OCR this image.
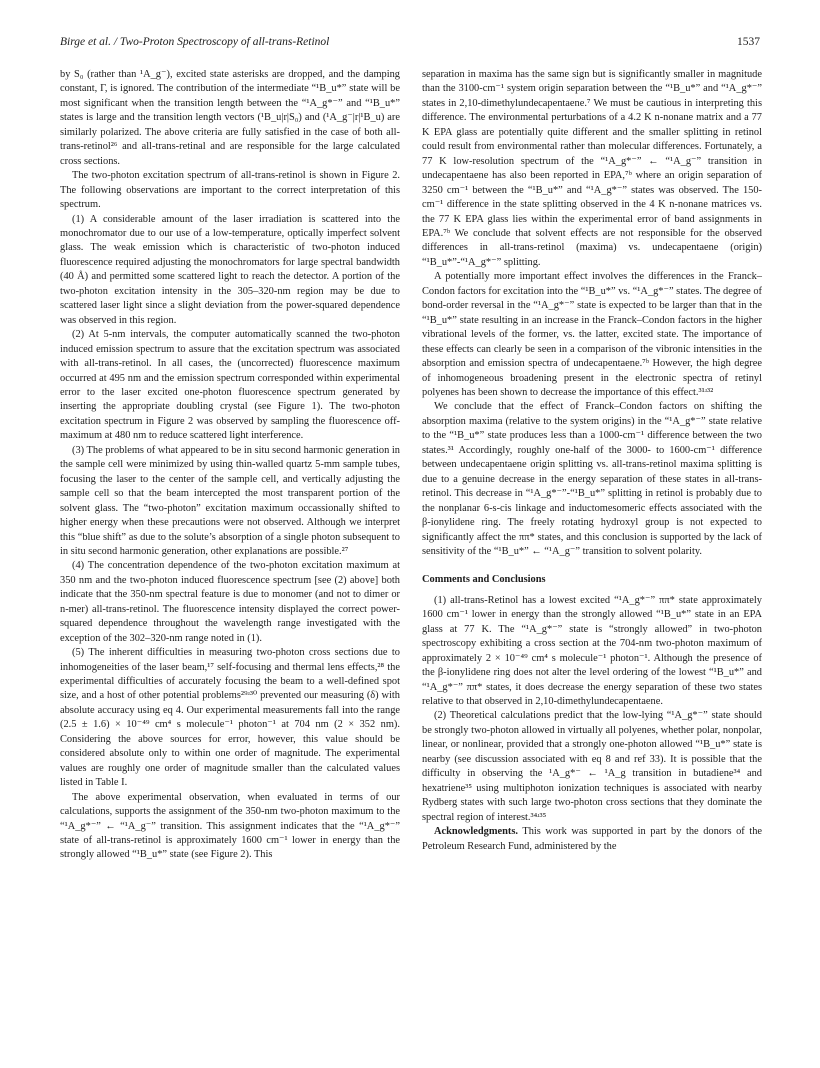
Birge et al. / Two-Proton Spectroscopy of all-trans-Retinol	1537

by S₀ (rather than ¹A_g⁻), excited state asterisks are dropped, and the damping constant, Γ, is ignored. The contribution of the intermediate “¹B_u*” state will be most significant when the transition length between the “¹A_g*⁻” and “¹B_u*” states is large and the transition length vectors (¹B_u|r|S₀) and (¹A_g⁻|r|¹B_u) are similarly polarized. The above criteria are fully satisfied in the case of both all-trans-retinol²⁶ and all-trans-retinal and are responsible for the large calculated cross sections.

The two-photon excitation spectrum of all-trans-retinol is shown in Figure 2. The following observations are important to the correct interpretation of this spectrum.

(1) A considerable amount of the laser irradiation is scattered into the monochromator due to our use of a low-temperature, optically imperfect solvent glass. The weak emission which is characteristic of two-photon induced fluorescence required adjusting the monochromators for large spectral bandwidth (40 Å) and permitted some scattered light to reach the detector. A portion of the two-photon excitation intensity in the 305–320-nm region may be due to scattered laser light since a slight deviation from the power-squared dependence was observed in this region.

(2) At 5-nm intervals, the computer automatically scanned the two-photon induced emission spectrum to assure that the excitation spectrum was associated with all-trans-retinol. In all cases, the (uncorrected) fluorescence maximum occurred at 495 nm and the emission spectrum corresponded within experimental error to the laser excited one-photon fluorescence spectrum generated by inserting the appropriate doubling crystal (see Figure 1). The two-photon excitation spectrum in Figure 2 was observed by sampling the fluorescence off-maximum at 480 nm to reduce scattered light interference.

(3) The problems of what appeared to be in situ second harmonic generation in the sample cell were minimized by using thin-walled quartz 5-mm sample tubes, focusing the laser to the center of the sample cell, and vertically adjusting the sample cell so that the beam intercepted the most transparent portion of the solvent glass. The “two-photon” excitation maximum occassionally shifted to higher energy when these precautions were not observed. Although we interpret this “blue shift” as due to the solute’s absorption of a single photon subsequent to in situ second harmonic generation, other explanations are possible.²⁷

(4) The concentration dependence of the two-photon excitation maximum at 350 nm and the two-photon induced fluorescence spectrum [see (2) above] both indicate that the 350-nm spectral feature is due to monomer (and not to dimer or n-mer) all-trans-retinol. The fluorescence intensity displayed the correct power-squared dependence throughout the wavelength range investigated with the exception of the 302–320-nm range noted in (1).

(5) The inherent difficulties in measuring two-photon cross sections due to inhomogeneities of the laser beam,¹⁷ self-focusing and thermal lens effects,²⁸ the experimental difficulties of accurately focusing the beam to a well-defined spot size, and a host of other potential problems²⁹ʴ³⁰ prevented our measuring (δ) with absolute accuracy using eq 4. Our experimental measurements fall into the range (2.5 ± 1.6) × 10⁻⁴⁹ cm⁴ s molecule⁻¹ photon⁻¹ at 704 nm (2 × 352 nm). Considering the above sources for error, however, this value should be considered absolute only to within one order of magnitude. The experimental values are roughly one order of magnitude smaller than the calculated values listed in Table I.

The above experimental observation, when evaluated in terms of our calculations, supports the assignment of the 350-nm two-photon maximum to the “¹A_g*⁻” ← “¹A_g⁻” transition. This assignment indicates that the “¹A_g*⁻” state of all-trans-retinol is approximately 1600 cm⁻¹ lower in energy than the strongly allowed “¹B_u*” state (see Figure 2). This

separation in maxima has the same sign but is significantly smaller in magnitude than the 3100-cm⁻¹ system origin separation between the “¹B_u*” and “¹A_g*⁻” states in 2,10-dimethylundecapentaene.⁷ We must be cautious in interpreting this difference. The environmental perturbations of a 4.2 K n-nonane matrix and a 77 K EPA glass are potentially quite different and the smaller splitting in retinol could result from environmental rather than molecular differences. Fortunately, a 77 K low-resolution spectrum of the “¹A_g*⁻” ← “¹A_g⁻” transition in undecapentaene has also been reported in EPA,⁷ᵇ where an origin separation of 3250 cm⁻¹ between the “¹B_u*” and “¹A_g*⁻” states was observed. The 150-cm⁻¹ difference in the state splitting observed in the 4 K n-nonane matrices vs. the 77 K EPA glass lies within the experimental error of band assignments in EPA.⁷ᵇ We conclude that solvent effects are not responsible for the observed differences in all-trans-retinol (maxima) vs. undecapentaene (origin) “¹B_u*”-“¹A_g*⁻” splitting.

A potentially more important effect involves the differences in the Franck–Condon factors for excitation into the “¹B_u*” vs. “¹A_g*⁻” states. The degree of bond-order reversal in the “¹A_g*⁻” state is expected to be larger than that in the “¹B_u*” state resulting in an increase in the Franck–Condon factors in the higher vibrational levels of the former, vs. the latter, excited state. The importance of these effects can clearly be seen in a comparison of the vibronic intensities in the absorption and emission spectra of undecapentaene.⁷ᵇ However, the high degree of inhomogeneous broadening present in the electronic spectra of retinyl polyenes has been shown to decrease the importance of this effect.³¹ʴ³²

We conclude that the effect of Franck–Condon factors on shifting the absorption maxima (relative to the system origins) in the “¹A_g*⁻” state relative to the “¹B_u*” state produces less than a 1000-cm⁻¹ difference between the two states.³¹ Accordingly, roughly one-half of the 3000- to 1600-cm⁻¹ difference between undecapentaene origin splitting vs. all-trans-retinol maxima splitting is due to a genuine decrease in the energy separation of these states in all-trans-retinol. This decrease in “¹A_g*⁻”-“¹B_u*” splitting in retinol is probably due to the nonplanar 6-s-cis linkage and inductomesomeric effects associated with the β-ionylidene ring. The freely rotating hydroxyl group is not expected to significantly affect the ππ* states, and this conclusion is supported by the lack of sensitivity of the “¹B_u*” ← “¹A_g⁻” transition to solvent polarity.

Comments and Conclusions

(1) all-trans-Retinol has a lowest excited “¹A_g*⁻” ππ* state approximately 1600 cm⁻¹ lower in energy than the strongly allowed “¹B_u*” state in an EPA glass at 77 K. The “¹A_g*⁻” state is “strongly allowed” in two-photon spectroscopy exhibiting a cross section at the 704-nm two-photon maximum of approximately 2 × 10⁻⁴⁹ cm⁴ s molecule⁻¹ photon⁻¹. Although the presence of the β-ionylidene ring does not alter the level ordering of the lowest “¹B_u*” and “¹A_g*⁻” ππ* states, it does decrease the energy separation of these two states relative to that observed in 2,10-dimethylundecapentaene.

(2) Theoretical calculations predict that the low-lying “¹A_g*⁻” state should be strongly two-photon allowed in virtually all polyenes, whether polar, nonpolar, linear, or nonlinear, provided that a strongly one-photon allowed “¹B_u*” state is nearby (see discussion associated with eq 8 and ref 33). It is possible that the difficulty in observing the ¹A_g*⁻ ← ¹A_g transition in butadiene³⁴ and hexatriene³⁵ using multiphoton ionization techniques is associated with nearby Rydberg states with such large two-photon cross sections that they dominate the spectral region of interest.³⁴ʴ³⁵

Acknowledgments. This work was supported in part by the donors of the Petroleum Research Fund, administered by the
